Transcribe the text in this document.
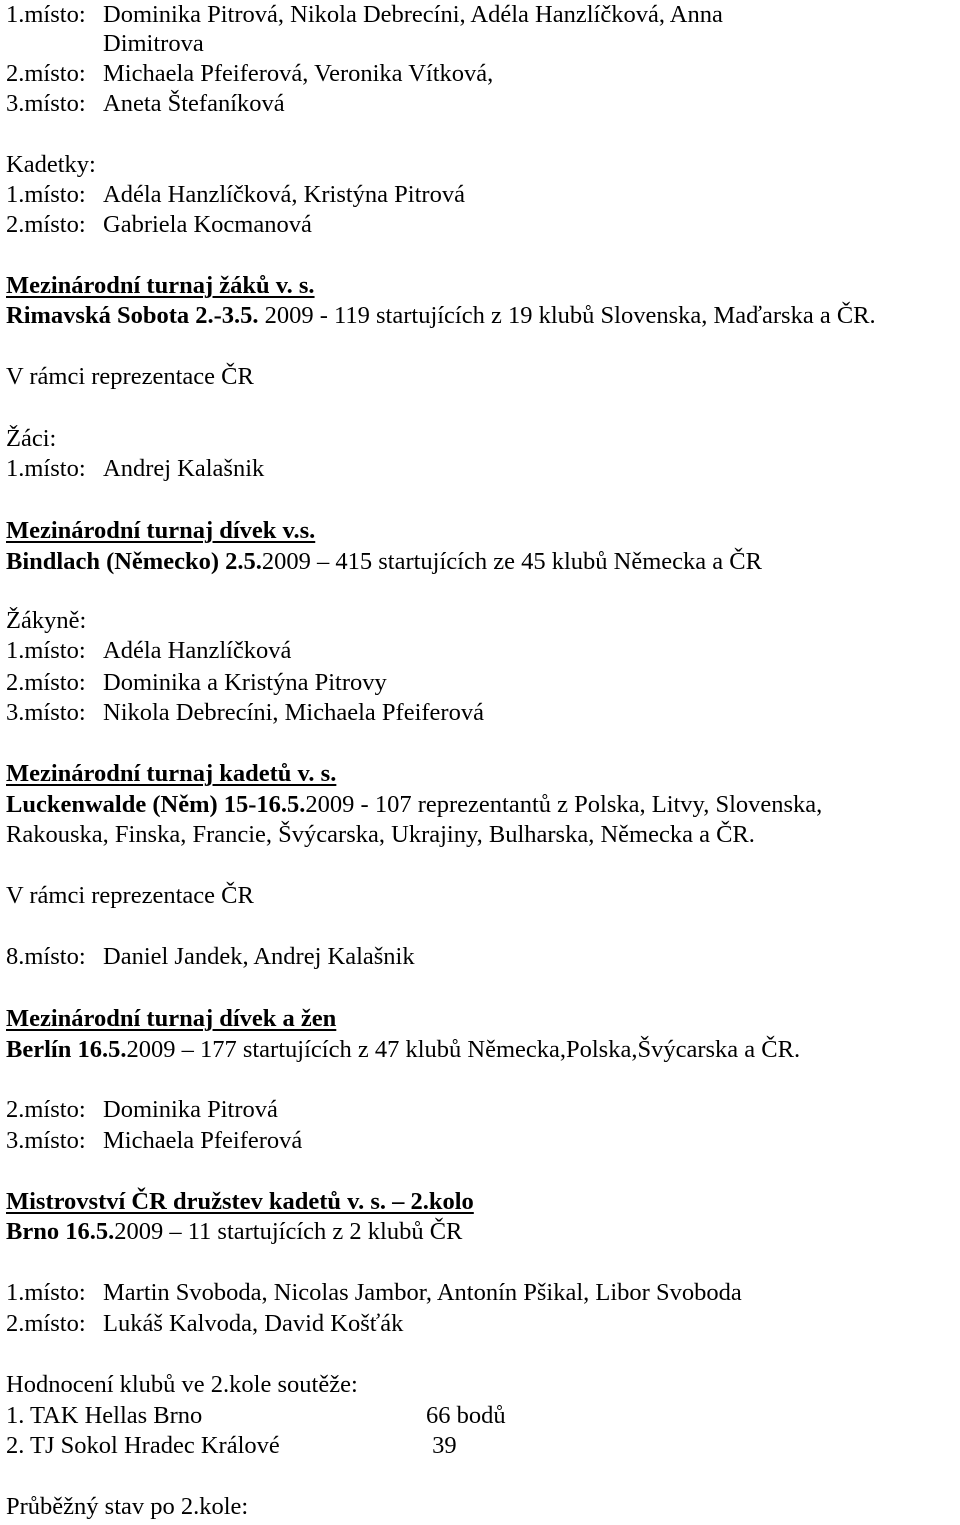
1.místo: Dominika Pitrová, Nikola Debrecíni, Adéla Hanzlíčková, Anna
Dimitrova
2.místo: Michaela Pfeiferová, Veronika Vítková,
3.místo: Aneta Štefaníková
Kadetky:
1.místo: Adéla Hanzlíčková, Kristýna Pitrová
2.místo: Gabriela Kocmanová
Mezinárodní turnaj žáků v. s.
Rimavská Sobota 2.-3.5. 2009 - 119 startujících z 19 klubů Slovenska, Maďarska a ČR.
V rámci reprezentace ČR
Žáci:
1.místo: Andrej Kalašnik
Mezinárodní turnaj dívek v.s.
Bindlach (Německo) 2.5.2009 – 415 startujících ze 45 klubů Německa a ČR
Žákyně:
1.místo: Adéla Hanzlíčková
2.místo: Dominika a Kristýna Pitrovy
3.místo: Nikola Debrecíni, Michaela Pfeiferová
Mezinárodní turnaj kadetů v. s.
Luckenwalde (Něm) 15-16.5.2009 - 107 reprezentantů z Polska, Litvy, Slovenska,
Rakouska, Finska, Francie, Švýcarska, Ukrajiny, Bulharska, Německa a ČR.
V rámci reprezentace ČR
8.místo: Daniel Jandek, Andrej Kalašnik
Mezinárodní turnaj dívek a žen
Berlín 16.5.2009 – 177 startujících z 47 klubů Německa,Polska,Švýcarska a ČR.
2.místo: Dominika Pitrová
3.místo: Michaela Pfeiferová
Mistrovství ČR družstev kadetů v. s. – 2.kolo
Brno 16.5.2009 – 11 startujících z 2 klubů ČR
1.místo: Martin Svoboda, Nicolas Jambor, Antonín Pšikal, Libor Svoboda
2.místo: Lukáš Kalvoda, David Košťák
Hodnocení klubů ve 2.kole soutěže:
1. TAK Hellas Brno	66 bodů
2. TJ Sokol Hradec Králové	39
Průběžný stav po 2.kole:
